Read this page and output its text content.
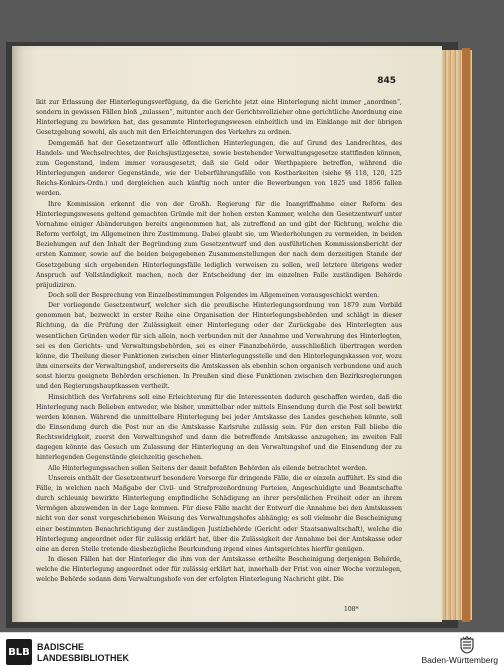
845

lkit zur Erlassung der Hinterlegungsverfügung, da die Gerichte jetzt eine Hinterlegung nicht immer „anordnen“, sondern in gewissen Fällen bloß „zulassen“, mitunter auch der Gerichtsvollzieher ohne gerichtliche Anordnung eine Hinterlegung zu bewirken hat, das gesammte Hinterlegungswesen einheitlich und im Einklange mit der übrigen Gesetzgebung sowohl, als auch mit den Erleichterungen des Verkehrs zu ordnen.

Demgemäß hat der Gesetzentwurf alle öffentlichen Hinterlegungen, die auf Grund des Landrechtes, des Handels- und Wechselrechtes, der Reichsjustizgesetze, sowie bestehender Verwaltungsgesetze stattfinden können, zum Gegenstand, indem immer vorausgesetzt, daß sie Geld oder Werthpapiere betreffen, während die Hinterlegungen anderer Gegenstände, wie der Ueberführungsfälle von Kostbarkeiten (siehe §§ 118, 120, 125 Reichs-Konkurs-Ordn.) und dergleichen auch künftig noch unter die Bewerbungen von 1825 und 1856 fallen werden.

Ihre Kommission erkennt die von der Großh. Regierung für die Inangriffnahme einer Reform des Hinterlegungswesens geltend gemachten Gründe mit der hohen ersten Kammer, welche den Gesetzentwurf unter Vornahme einiger Abänderungen bereits angenommen hat, als zutreffend an und gibt der Richtung, welche die Reform verfolgt, im Allgemeinen ihre Zustimmung. Dabei glaubt sie, um Wiederholungen zu vermeiden, in beiden Beziehungen auf den Inhalt der Begründung zum Gesetzentwurf und den ausführlichen Kommissionsbericht der ersten Kammer, sowie auf die beiden beigegebenen Zusammenstellungen der nach dem derzeitigen Stande der Gesetzgebung sich ergebenden Hinterlegungsfälle lediglich verweisen zu sollen, weil letztere übrigens weder Anspruch auf Vollständigkeit machen, noch der Entscheidung der im einzelnen Falle zuständigen Behörde präjudiziren.

Doch soll der Besprechung von Einzelbestimmungen Folgendes im Allgemeinen vorausgeschickt werden.

Der vorliegende Gesetzentwurf, welcher sich die preußische Hinterlegungsordnung von 1879 zum Vorbild genommen hat, bezweckt in erster Reihe eine Organisation der Hinterlegungsbehörden und schlägt in dieser Richtung, da die Prüfung der Zulässigkeit einer Hinterlegung oder der Zurückgabe des Hinterlegten aus wesentlichen Gründen weder für sich allein, noch verbunden mit der Annahme und Verwahrung des Hinterlegten, sei es den Gerichts- und Verwaltungsbehörden, sei es einer Finanzbehörde, ausschließlich übertragen werden könne, die Theilung dieser Funktionen zwischen einer Hinterlegungsstelle und den Hinterlegungskassen vor, wozu ihm einerseits der Verwaltungshof, andererseits die Amtskassen als ebenhin schon organisch verbundene und auch sonst hierzu geeignete Behörden erschienen. In Preußen sind diese Funktionen zwischen den Bezirksregierungen und den Regierungshauptkassen vertheilt.

Hinsichtlich des Verfahrens soll eine Erleichterung für die Interessenten dadurch geschaffen werden, daß die Hinterlegung nach Belieben entweder, wie bisher, unmittelbar oder mittels Einsendung durch die Post soll bewirkt werden können. Während die unmittelbare Hinterlegung bei jeder Amtskasse des Landes geschehen könnte, soll die Einsendung durch die Post nur an die Amtskasse Karlsruhe zulässig sein. Für den ersten Fall bliebe die Rechtswidrigkeit, zuerst den Verwaltungshof und dann die betreffende Amtskasse anzugehen; im zweiten Fall dagegen könnte das Gesuch um Zulassung der Hinterlegung an den Verwaltungshof und die Einsendung der zu hinterlegenden Gegenstände gleichzeitig geschehen.

Alle Hinterlegungssachen sollen Seitens der damit befaßten Behörden als eilende betrachtet werden.

Unsereis enthält der Gesetzentwurf besondere Vorsorge für dringende Fälle, die er einzeln aufführt. Es sind die Fälle, in welchen nach Maßgabe der Civil- und Strafprozeßordnung Parteien, Angeschuldigte und Beamtschafte durch schleunig bewirkte Hinterlegung empfindliche Schädigung an ihrer persönlichen Freiheit oder an ihrem Vermögen abzuwenden in der Lage kommen. Für diese Fälle macht der Entwurf die Annahme bei den Amtskassen nicht von der sonst vorgeschriebenen Weisung des Verwaltungshofes abhängig; es soll vielmehr die Bescheinigung einer bestimmten Benachrichtigung der zuständigen Justizbehörde (Gericht oder Staatsanwaltschaft), welche die Hinterlegung angeordnet oder für zulässig erklärt hat, über die Zulässigkeit der Annahme bei der Amtskasse oder eine an deren Stelle tretende diesbezügliche Beurkundung irgend eines Amtsgerichtes hierfür genügen.

In diesen Fällen hat der Hinterleger die ihm von der Amtskasse ertheilte Bescheinigung derjenigen Behörde, welche die Hinterlegung angeordnet oder für zulässig erklärt hat, innerhalb der Frist von einer Woche vorzulegen, welche Behörde sodann dem Verwaltungshofe von der erfolgten Hinterlegung Nachricht gibt. Die

108*
BLB BADISCHE
LANDESBIBLIOTHEK	Baden-Württemberg
